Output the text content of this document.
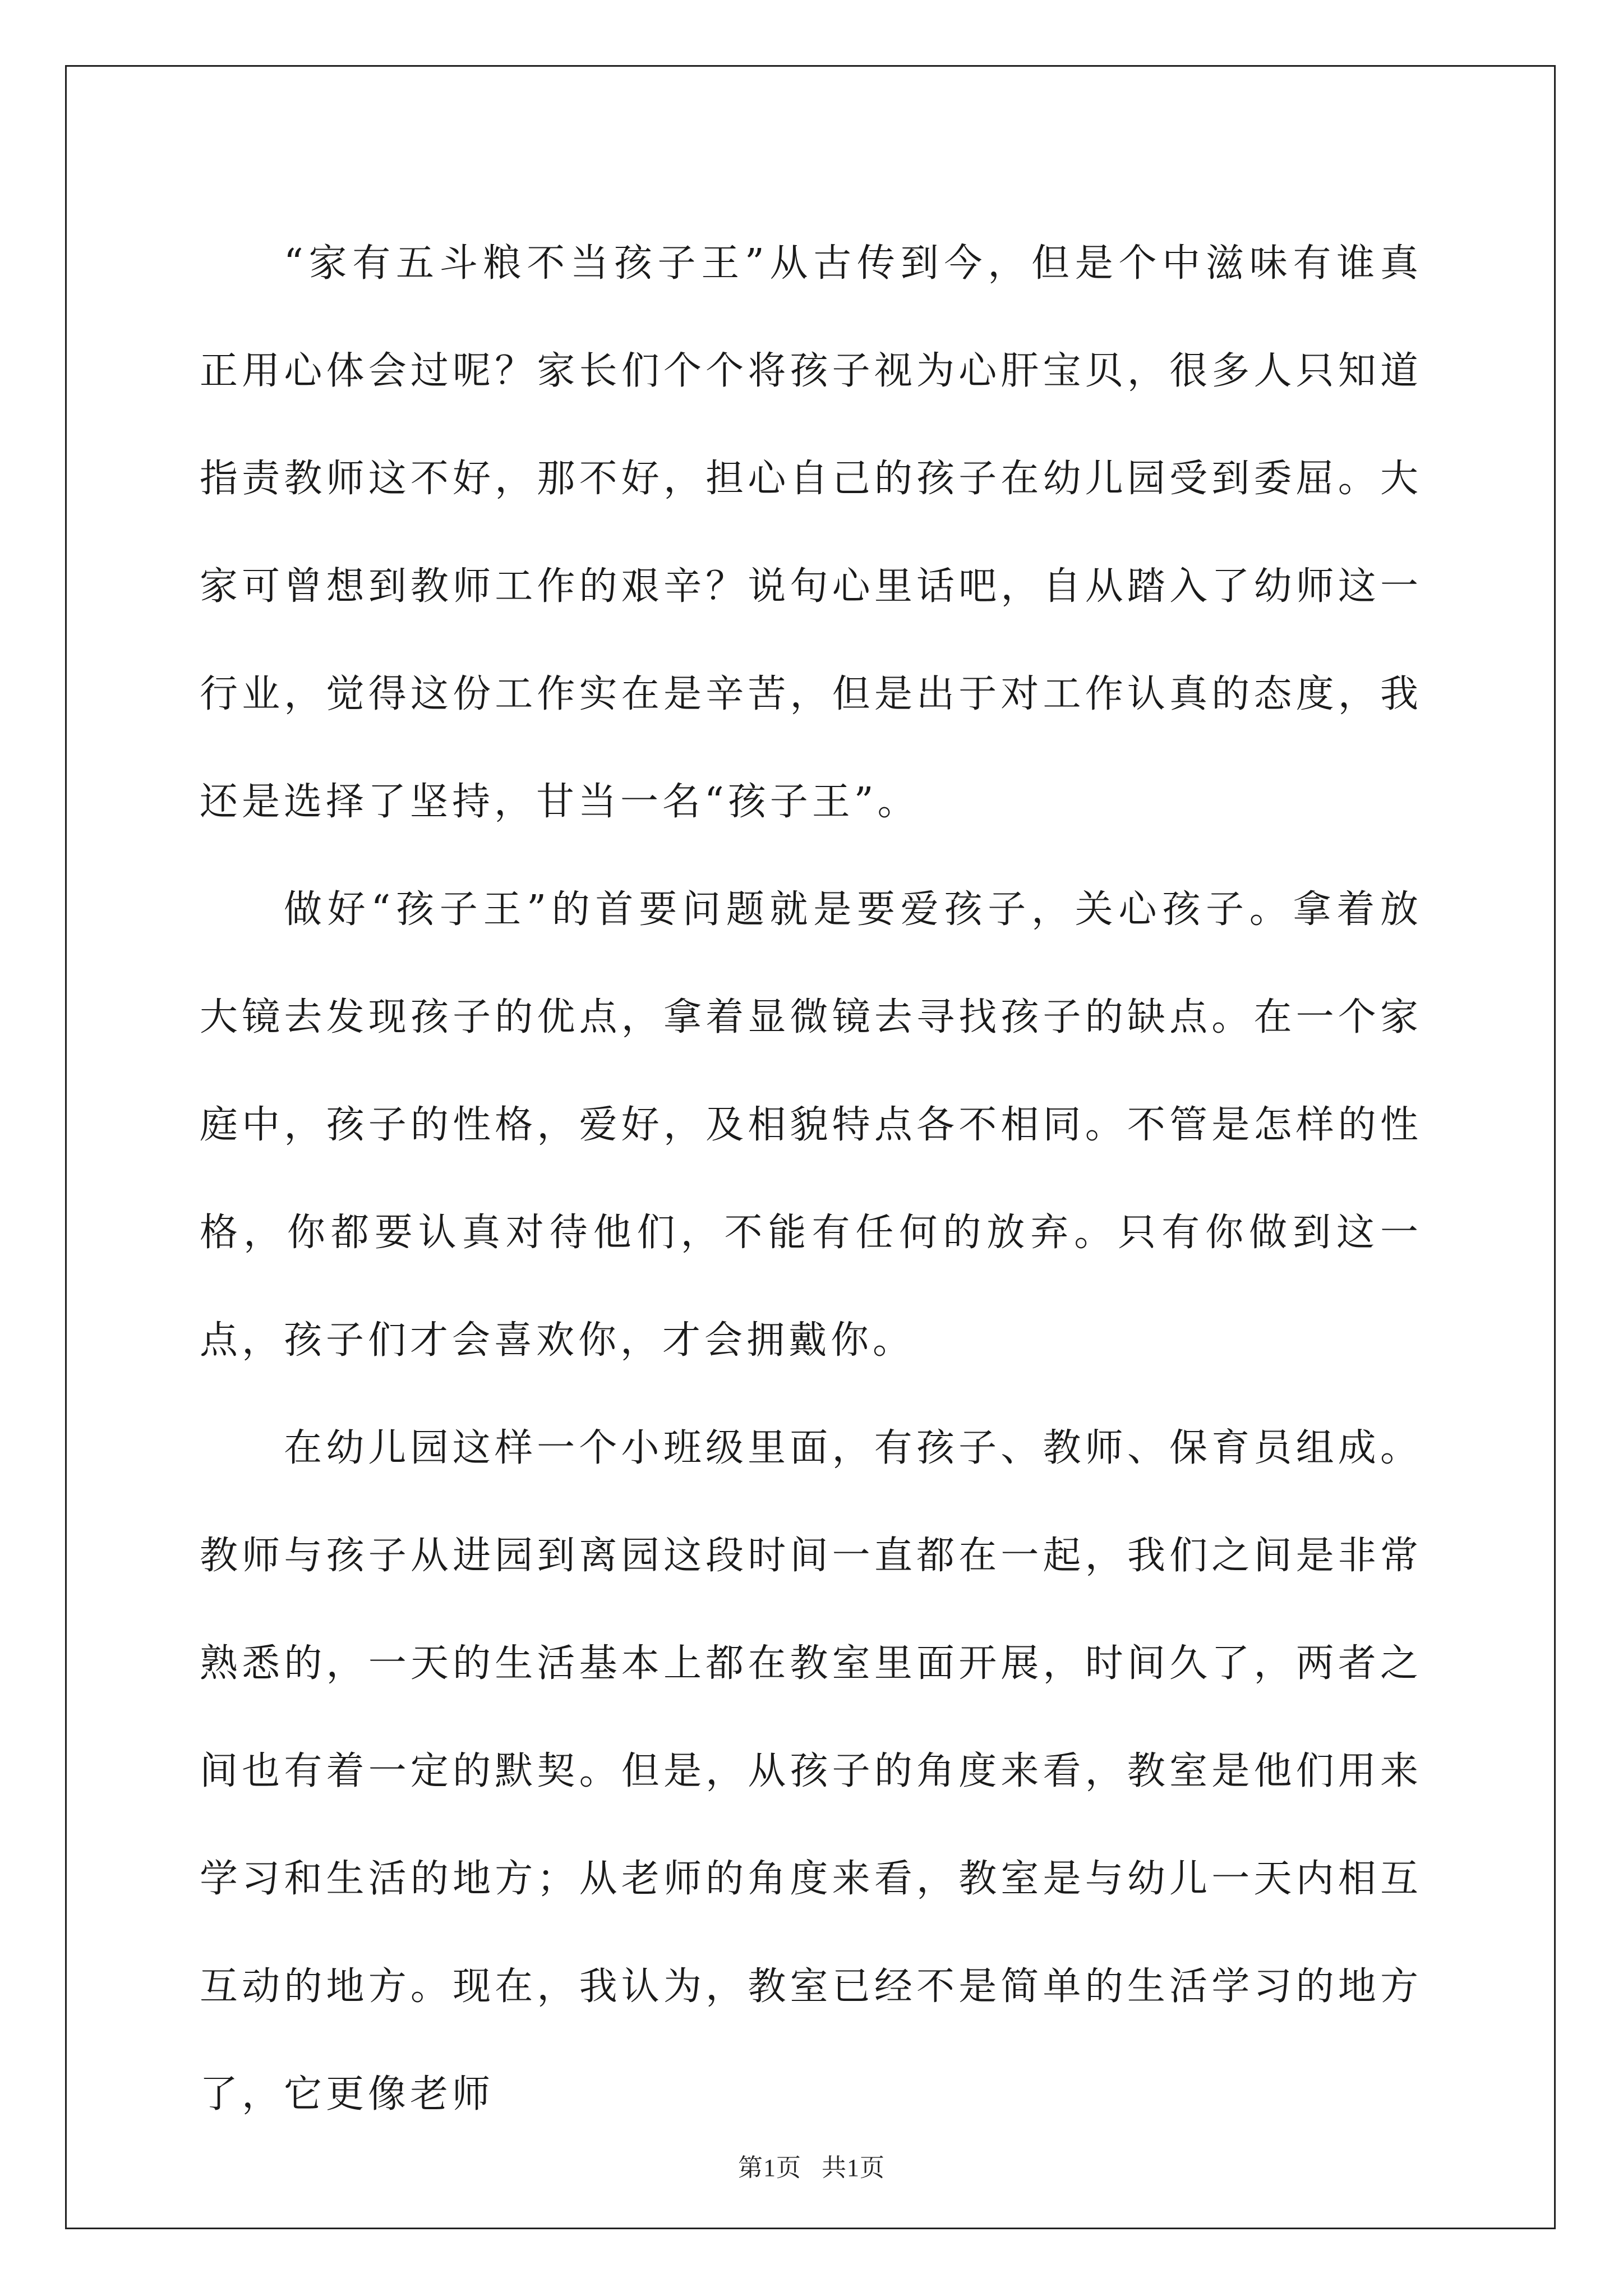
“家有五斗粮不当孩子王”从古传到今，但是个中滋味有谁真正用心体会过呢？家长们个个将孩子视为心肝宝贝，很多人只知道指责教师这不好，那不好，担心自己的孩子在幼儿园受到委屈。大家可曾想到教师工作的艰辛？说句心里话吧，自从踏入了幼师这一行业，觉得这份工作实在是辛苦，但是出于对工作认真的态度，我还是选择了坚持，甘当一名“孩子王”。

做好“孩子王”的首要问题就是要爱孩子，关心孩子。拿着放大镜去发现孩子的优点，拿着显微镜去寻找孩子的缺点。在一个家庭中，孩子的性格，爱好，及相貌特点各不相同。不管是怎样的性格，你都要认真对待他们，不能有任何的放弃。只有你做到这一点，孩子们才会喜欢你，才会拥戴你。

在幼儿园这样一个小班级里面，有孩子、教师、保育员组成。教师与孩子从进园到离园这段时间一直都在一起，我们之间是非常熟悉的，一天的生活基本上都在教室里面开展，时间久了，两者之间也有着一定的默契。但是，从孩子的角度来看，教室是他们用来学习和生活的地方；从老师的角度来看，教室是与幼儿一天内相互互动的地方。现在，我认为，教室已经不是简单的生活学习的地方了，它更像老师

第1页   共1页
